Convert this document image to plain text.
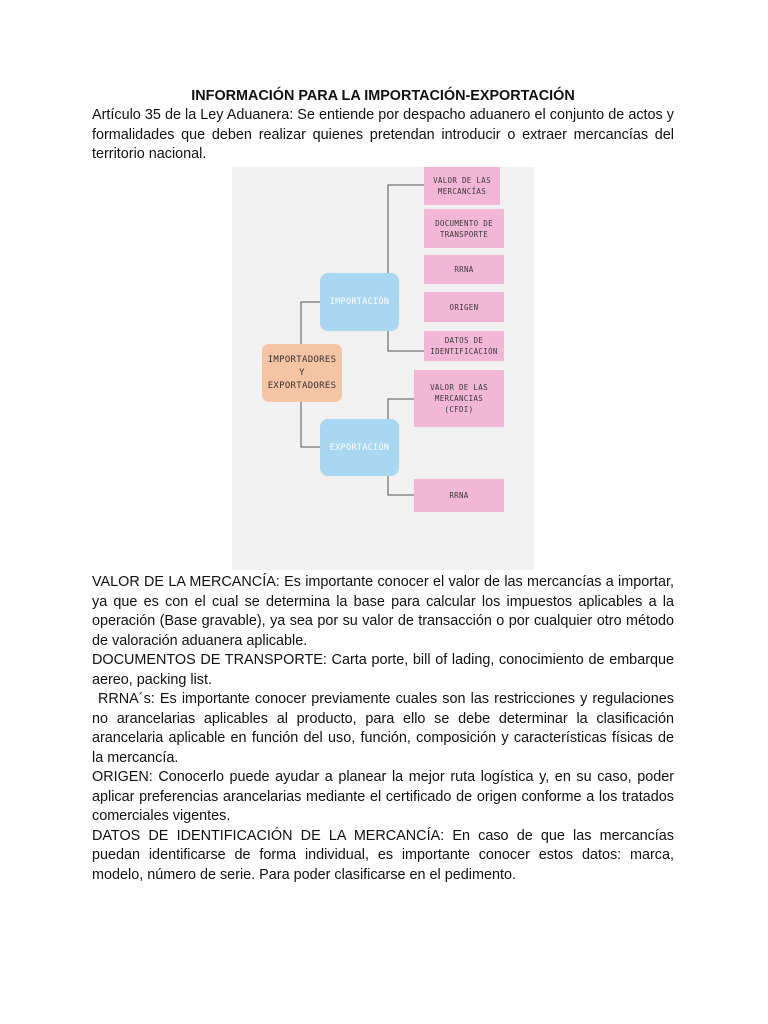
INFORMACIÓN PARA LA IMPORTACIÓN-EXPORTACIÓN

Artículo 35 de la Ley Aduanera: Se entiende por despacho aduanero el conjunto de actos y formalidades que deben realizar quienes pretendan introducir o extraer mercancías del territorio nacional.

VALOR DE LA MERCANCÍA: Es importante conocer el valor de las mercancías a importar, ya que es con el cual se determina la base para calcular los impuestos aplicables a la operación (Base gravable), ya sea por su valor de transacción o por cualquier otro método de valoración aduanera aplicable.

DOCUMENTOS DE TRANSPORTE: Carta porte, bill of lading, conocimiento de embarque aereo, packing list.

RRNA´s: Es importante conocer previamente cuales son las restricciones y regulaciones no arancelarias aplicables al producto, para ello se debe determinar la clasificación arancelaria aplicable en función del uso, función, composición y características físicas de la mercancía.

ORIGEN: Conocerlo puede ayudar a planear la mejor ruta logística y, en su caso, poder aplicar preferencias arancelarias mediante el certificado de origen conforme a los tratados comerciales vigentes.

DATOS DE IDENTIFICACIÓN DE LA MERCANCÍA: En caso de que las mercancías puedan identificarse de forma individual, es importante conocer estos datos: marca, modelo, número de serie. Para poder clasificarse en el pedimento.

IMPORTADORES
Y
EXPORTADORES
IMPORTACIÓN
EXPORTACIÓN
VALOR DE LAS
MERCANCÍAS
DOCUMENTO DE
TRANSPORTE
RRNA
ORIGEN
DATOS DE
IDENTIFICACIÓN
VALOR DE LAS
MERCANCIAS
(CFDI)
RRNA
